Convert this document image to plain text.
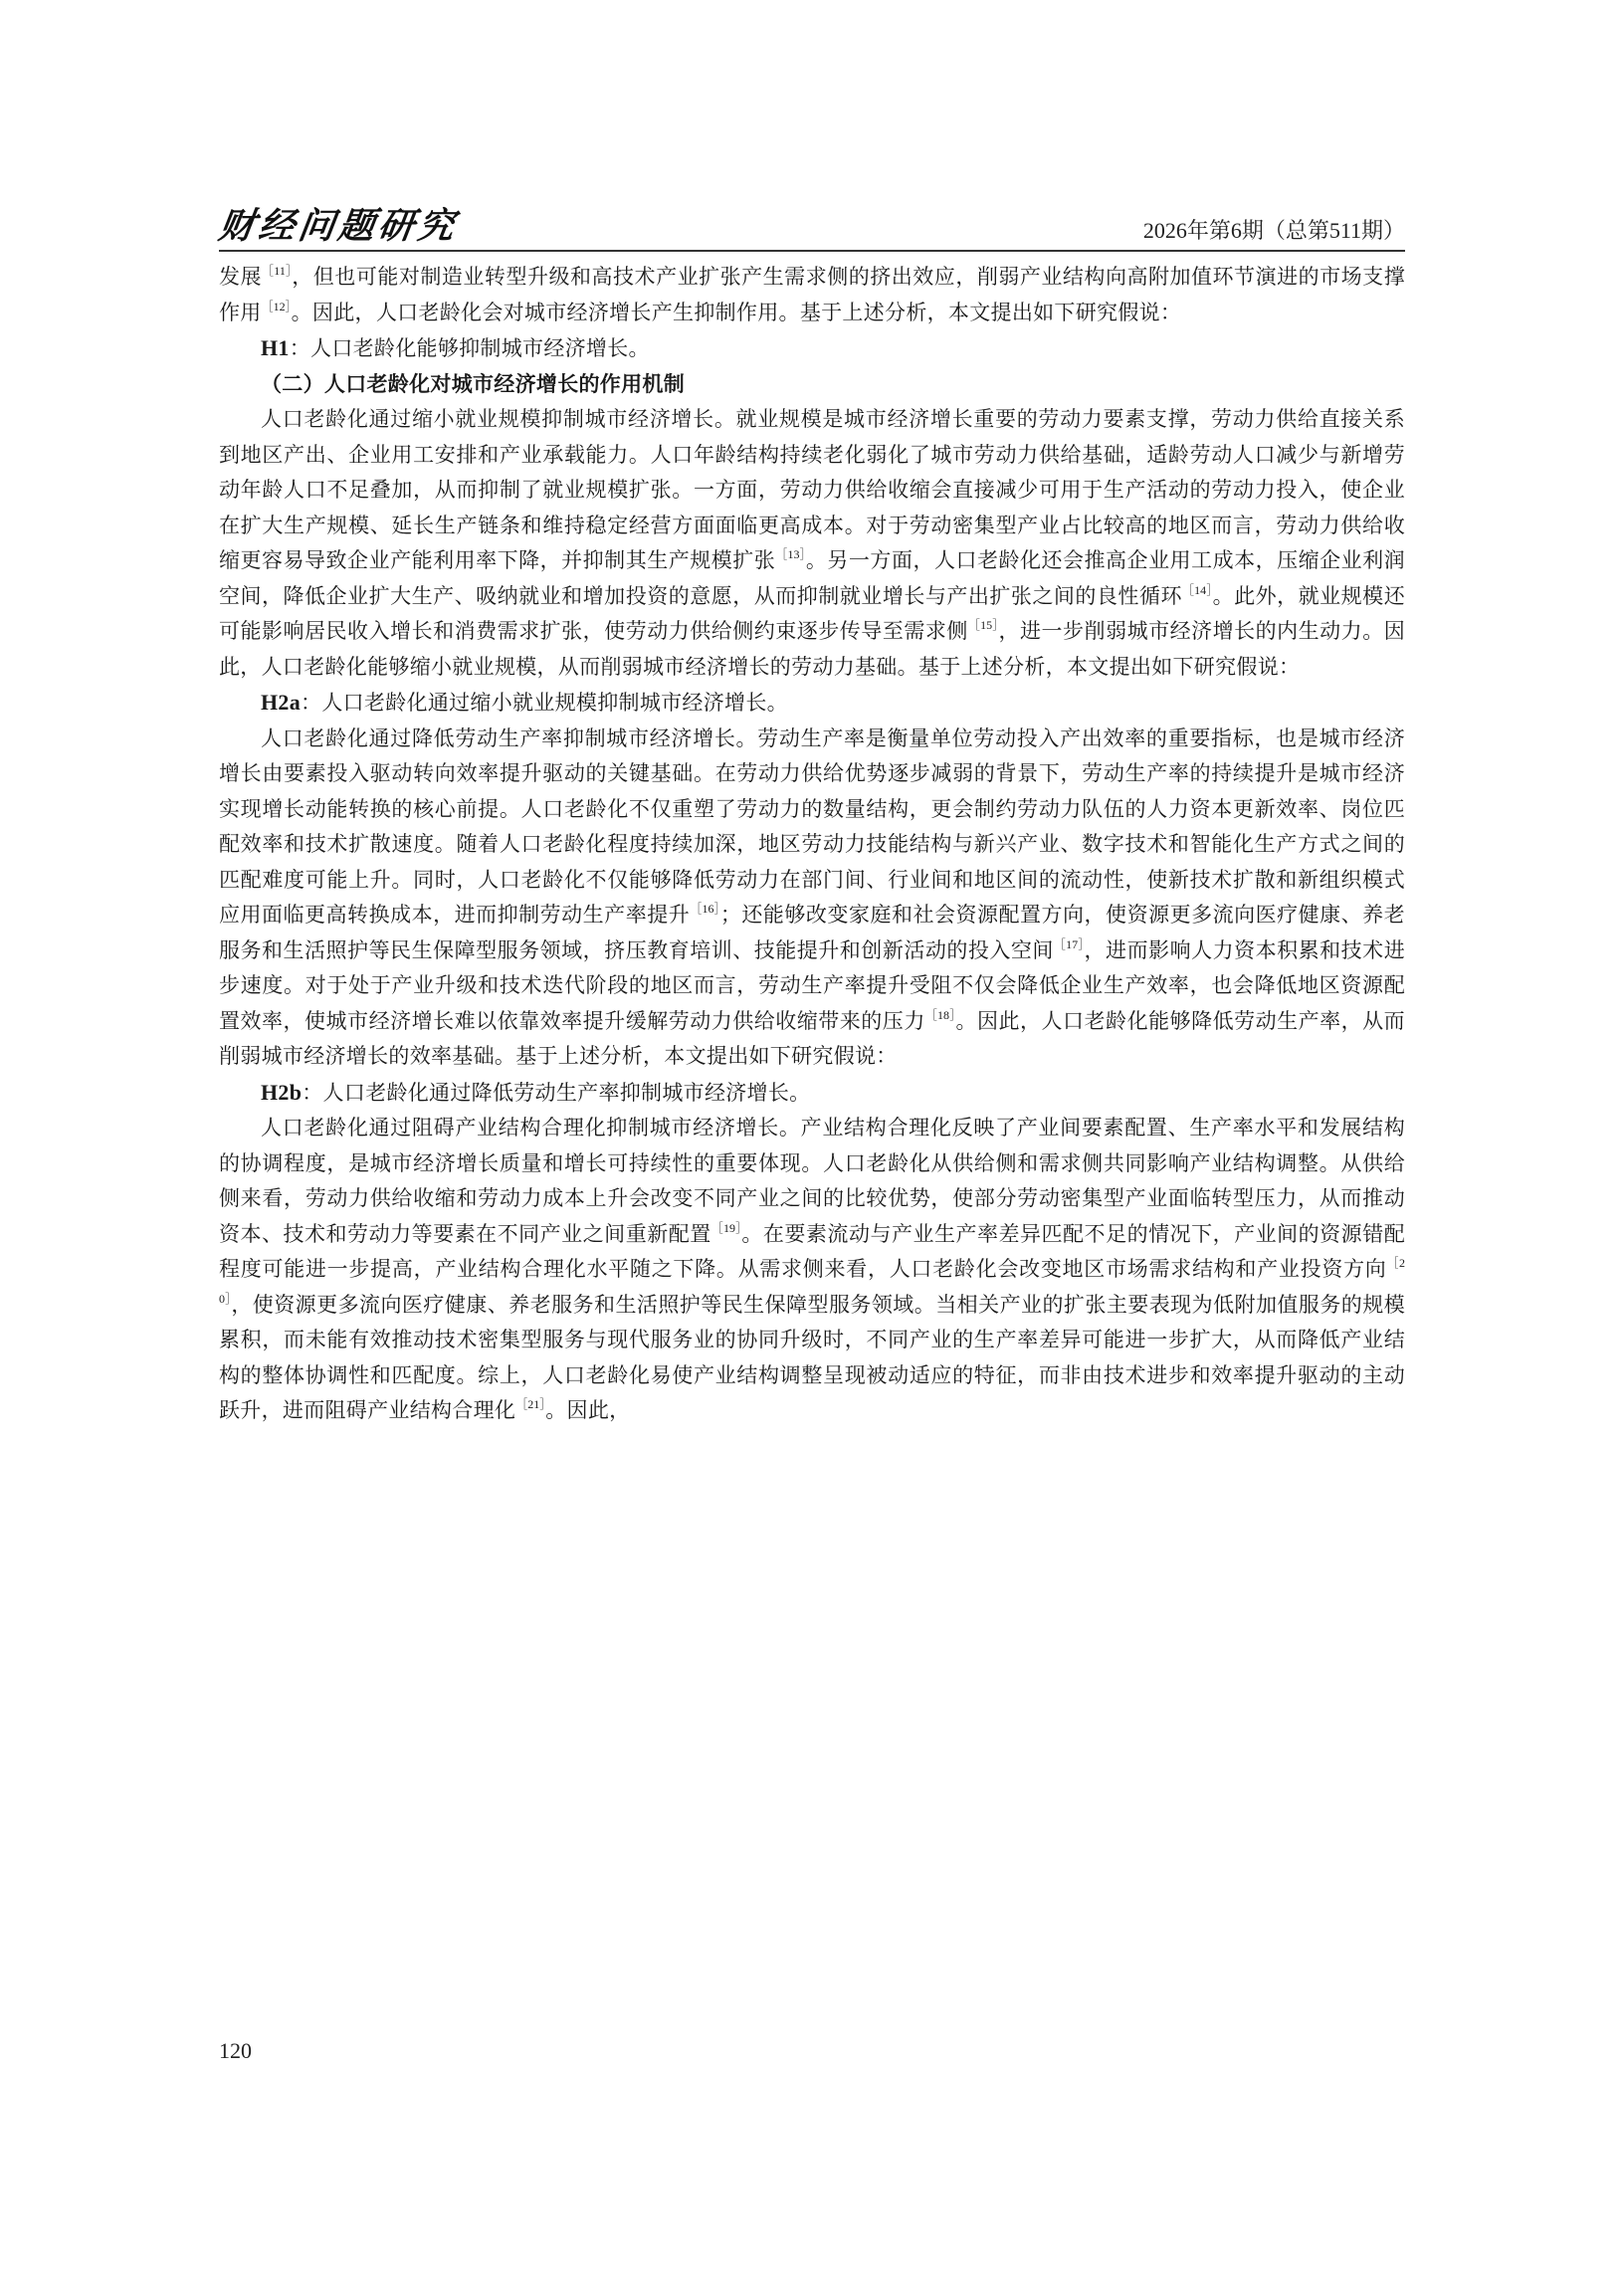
财经问题研究	2026年第6期（总第511期）

发展$^{[11]}$，但也可能对制造业转型升级和高技术产业扩张产生需求侧的挤出效应，削弱产业结构向高附加值环节演进的市场支撑作用$^{[12]}$。因此，人口老龄化会对城市经济增长产生抑制作用。基于上述分析，本文提出如下研究假说：

H1：人口老龄化能够抑制城市经济增长。

（二）人口老龄化对城市经济增长的作用机制

人口老龄化通过缩小就业规模抑制城市经济增长。就业规模是城市经济增长重要的劳动力要素支撑，劳动力供给直接关系到地区产出、企业用工安排和产业承载能力。人口年龄结构持续老化弱化了城市劳动力供给基础，适龄劳动人口减少与新增劳动年龄人口不足叠加，从而抑制了就业规模扩张。一方面，劳动力供给收缩会直接减少可用于生产活动的劳动力投入，使企业在扩大生产规模、延长生产链条和维持稳定经营方面面临更高成本。对于劳动密集型产业占比较高的地区而言，劳动力供给收缩更容易导致企业产能利用率下降，并抑制其生产规模扩张$^{[13]}$。另一方面，人口老龄化还会推高企业用工成本，压缩企业利润空间，降低企业扩大生产、吸纳就业和增加投资的意愿，从而抑制就业增长与产出扩张之间的良性循环$^{[14]}$。此外，就业规模还可能影响居民收入增长和消费需求扩张，使劳动力供给侧约束逐步传导至需求侧$^{[15]}$，进一步削弱城市经济增长的内生动力。因此，人口老龄化能够缩小就业规模，从而削弱城市经济增长的劳动力基础。基于上述分析，本文提出如下研究假说：

H2a：人口老龄化通过缩小就业规模抑制城市经济增长。

人口老龄化通过降低劳动生产率抑制城市经济增长。劳动生产率是衡量单位劳动投入产出效率的重要指标，也是城市经济增长由要素投入驱动转向效率提升驱动的关键基础。在劳动力供给优势逐步减弱的背景下，劳动生产率的持续提升是城市经济实现增长动能转换的核心前提。人口老龄化不仅重塑了劳动力的数量结构，更会制约劳动力队伍的人力资本更新效率、岗位匹配效率和技术扩散速度。随着人口老龄化程度持续加深，地区劳动力技能结构与新兴产业、数字技术和智能化生产方式之间的匹配难度可能上升。同时，人口老龄化不仅能够降低劳动力在部门间、行业间和地区间的流动性，使新技术扩散和新组织模式应用面临更高转换成本，进而抑制劳动生产率提升$^{[16]}$；还能够改变家庭和社会资源配置方向，使资源更多流向医疗健康、养老服务和生活照护等民生保障型服务领域，挤压教育培训、技能提升和创新活动的投入空间$^{[17]}$，进而影响人力资本积累和技术进步速度。对于处于产业升级和技术迭代阶段的地区而言，劳动生产率提升受阻不仅会降低企业生产效率，也会降低地区资源配置效率，使城市经济增长难以依靠效率提升缓解劳动力供给收缩带来的压力$^{[18]}$。因此，人口老龄化能够降低劳动生产率，从而削弱城市经济增长的效率基础。基于上述分析，本文提出如下研究假说：

H2b：人口老龄化通过降低劳动生产率抑制城市经济增长。

人口老龄化通过阻碍产业结构合理化抑制城市经济增长。产业结构合理化反映了产业间要素配置、生产率水平和发展结构的协调程度，是城市经济增长质量和增长可持续性的重要体现。人口老龄化从供给侧和需求侧共同影响产业结构调整。从供给侧来看，劳动力供给收缩和劳动力成本上升会改变不同产业之间的比较优势，使部分劳动密集型产业面临转型压力，从而推动资本、技术和劳动力等要素在不同产业之间重新配置$^{[19]}$。在要素流动与产业生产率差异匹配不足的情况下，产业间的资源错配程度可能进一步提高，产业结构合理化水平随之下降。从需求侧来看，人口老龄化会改变地区市场需求结构和产业投资方向$^{[20]}$，使资源更多流向医疗健康、养老服务和生活照护等民生保障型服务领域。当相关产业的扩张主要表现为低附加值服务的规模累积，而未能有效推动技术密集型服务与现代服务业的协同升级时，不同产业的生产率差异可能进一步扩大，从而降低产业结构的整体协调性和匹配度。综上，人口老龄化易使产业结构调整呈现被动适应的特征，而非由技术进步和效率提升驱动的主动跃升，进而阻碍产业结构合理化$^{[21]}$。因此，

120
